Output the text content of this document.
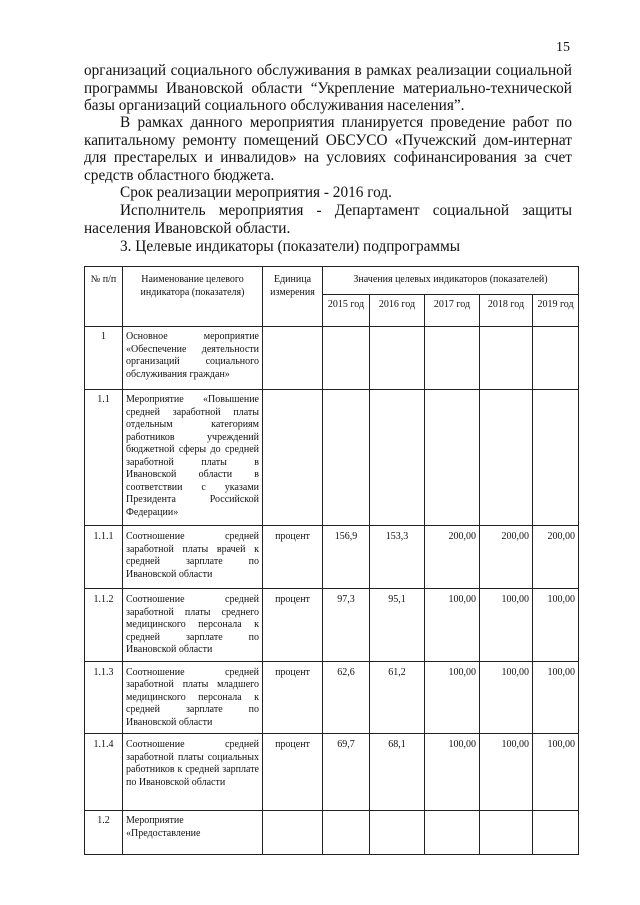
15

организаций социального обслуживания в рамках реализации социальной программы Ивановской области “Укрепление материально-технической базы организаций социального обслуживания населения”.

В рамках данного мероприятия планируется проведение работ по капитальному ремонту помещений ОБСУСО «Пучежский дом-интернат для престарелых и инвалидов» на условиях софинансирования за счет средств областного бюджета.

Срок реализации мероприятия - 2016 год.

Исполнитель мероприятия - Департамент социальной защиты населения Ивановской области.

3. Целевые индикаторы (показатели) подпрограммы

№ п/п	Наименование целевого индикатора (показателя)	Единица измерения	Значения целевых индикаторов (показателей)				
			2015 год	2016 год	2017 год	2018 год	2019 год
1	Основное мероприятие «Обеспечение деятельности организаций социального обслуживания граждан»						
1.1	Мероприятие «Повышение средней заработной платы отдельным категориям работников учреждений бюджетной сферы до средней заработной платы в Ивановской области в соответствии с указами Президента Российской Федерации»						
1.1.1	Соотношение средней заработной платы врачей к средней зарплате по Ивановской области	процент	156,9	153,3	200,00	200,00	200,00
1.1.2	Соотношение средней заработной платы среднего медицинского персонала к средней зарплате по Ивановской области	процент	97,3	95,1	100,00	100,00	100,00
1.1.3	Соотношение средней заработной платы младшего медицинского персонала к средней зарплате по Ивановской области	процент	62,6	61,2	100,00	100,00	100,00
1.1.4	Соотношение средней заработной платы социальных работников к средней зарплате по Ивановской области	процент	69,7	68,1	100,00	100,00	100,00
1.2	Мероприятие «Предоставление						
